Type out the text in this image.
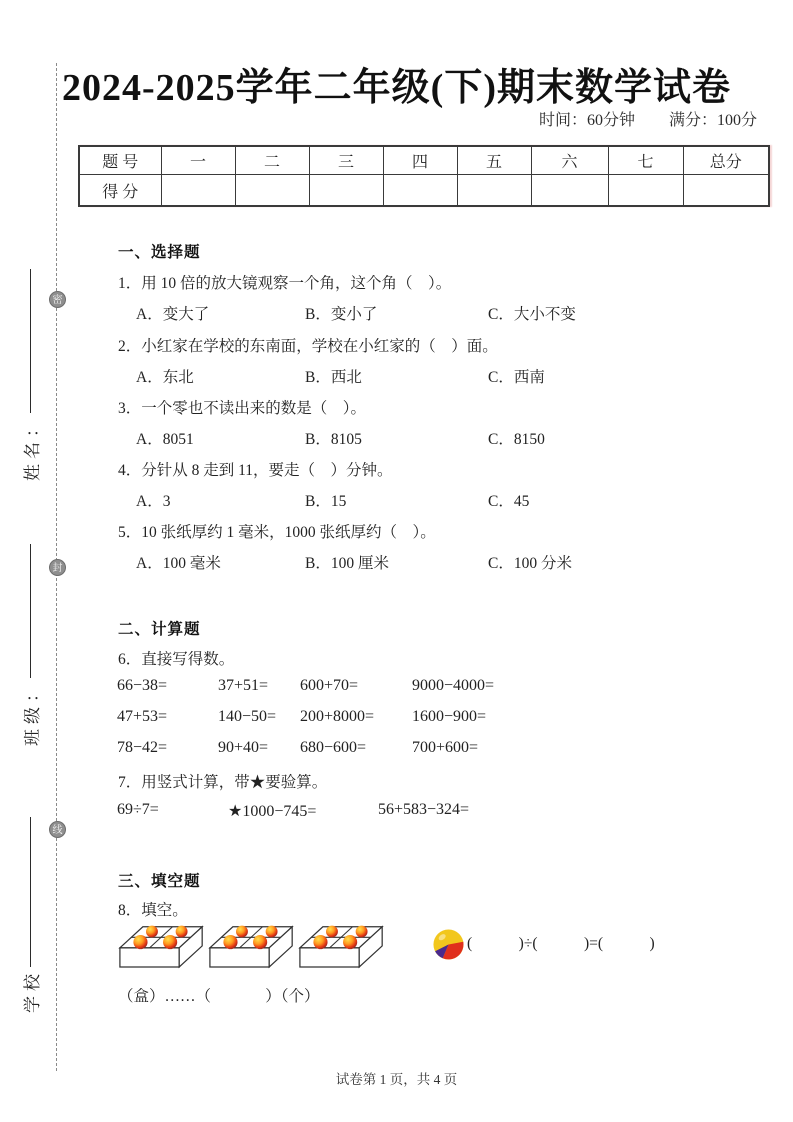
2024-2025学年二年级(下)期末数学试卷
时间：60分钟 满分：100分
题 号	一	二	三	四	五	六	七	总分
得 分								
密
封
线
姓名：
班级：
学校
一、选择题
1．用 10 倍的放大镜观察一个角，这个角（　）。
A．变大了	B．变小了	C．大小不变
2．小红家在学校的东南面，学校在小红家的（　）面。
A．东北	B．西北	C．西南
3．一个零也不读出来的数是（　）。
A．8051	B．8105	C．8150
4．分针从 8 走到 11，要走（　）分钟。
A．3	B．15	C．45
5．10 张纸厚约 1 毫米，1000 张纸厚约（　）。
A．100 毫米	B．100 厘米	C．100 分米
二、计算题
6．直接写得数。
66−38=	37+51= 600+70=	9000−4000=
47+53=	140−50= 200+8000= 1600−900=
78−42=	90+40= 680−600=	700+600=
7．用竖式计算，带★要验算。
69÷7=	★1000−745=	56+583−324=
三、填空题
8．填空。
(            )÷(            )=(            )
（盒）……（              ）（个）
试卷第 1 页，共 4 页
